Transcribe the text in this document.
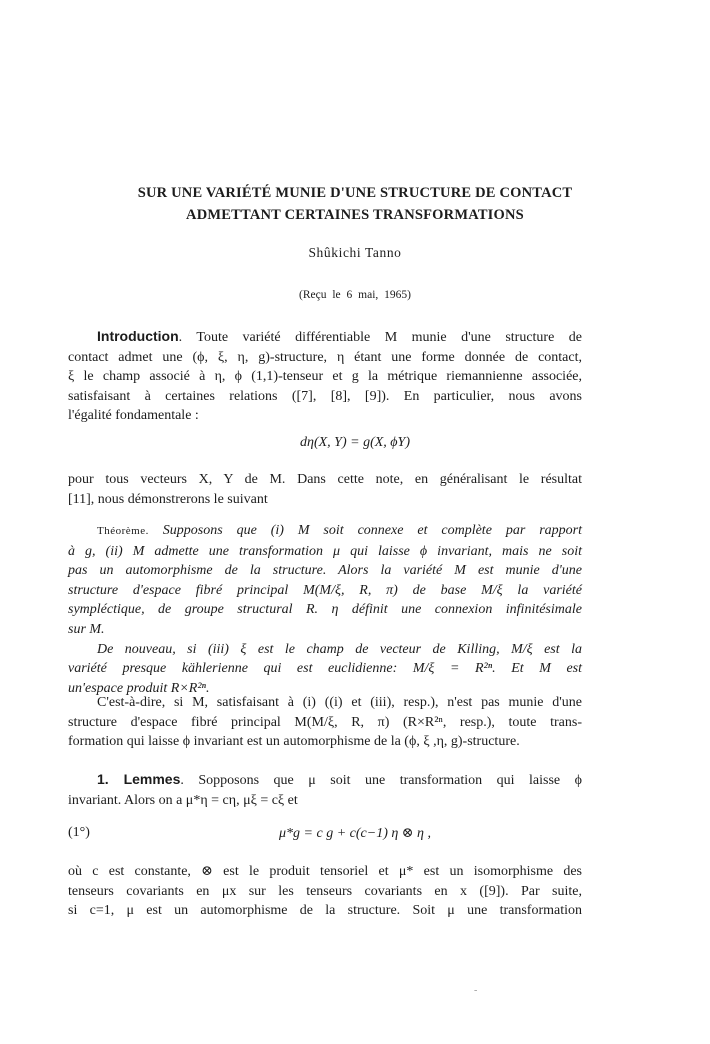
SUR UNE VARIÉTÉ MUNIE D'UNE STRUCTURE DE CONTACT
ADMETTANT CERTAINES TRANSFORMATIONS
Shûkichi Tanno
(Reçu le 6 mai, 1965)
Introduction. Toute variété différentiable M munie d'une structure de
contact admet une (ϕ, ξ, η, g)-structure, η étant une forme donnée de contact,
ξ le champ associé à η, ϕ (1,1)-tenseur et g la métrique riemannienne associée,
satisfaisant à certaines relations ([7], [8], [9]). En particulier, nous avons
l'égalité fondamentale :
dη(X, Y) = g(X, ϕY)
pour tous vecteurs X, Y de M. Dans cette note, en généralisant le résultat
[11], nous démonstrerons le suivant
Théorème. Supposons que (i) M soit connexe et complète par rapport
à g, (ii) M admette une transformation μ qui laisse ϕ invariant, mais ne soit
pas un automorphisme de la structure. Alors la variété M est munie d'une
structure d'espace fibré principal M(M/ξ, R, π) de base M/ξ la variété
sympléctique, de groupe structural R. η définit une connexion infinitésimale
sur M.
De nouveau, si (iii) ξ est le champ de vecteur de Killing, M/ξ est la
variété presque kählerienne qui est euclidienne: M/ξ = R²ⁿ. Et M est
un'espace produit R×R²ⁿ.
C'est-à-dire, si M, satisfaisant à (i) ((i) et (iii), resp.), n'est pas munie d'une
structure d'espace fibré principal M(M/ξ, R, π) (R×R²ⁿ, resp.), toute trans-
formation qui laisse ϕ invariant est un automorphisme de la (ϕ, ξ ,η, g)-structure.
1. Lemmes. Sopposons que μ soit une transformation qui laisse ϕ
invariant. Alors on a μ*η = cη, μξ = cξ et
(1°)	μ*g = c g + c(c−1) η ⊗ η ,
où c est constante, ⊗ est le produit tensoriel et μ* est un isomorphisme des
tenseurs covariants en μx sur les tenseurs covariants en x ([9]). Par suite,
si c=1, μ est un automorphisme de la structure. Soit μ une transformation
-
